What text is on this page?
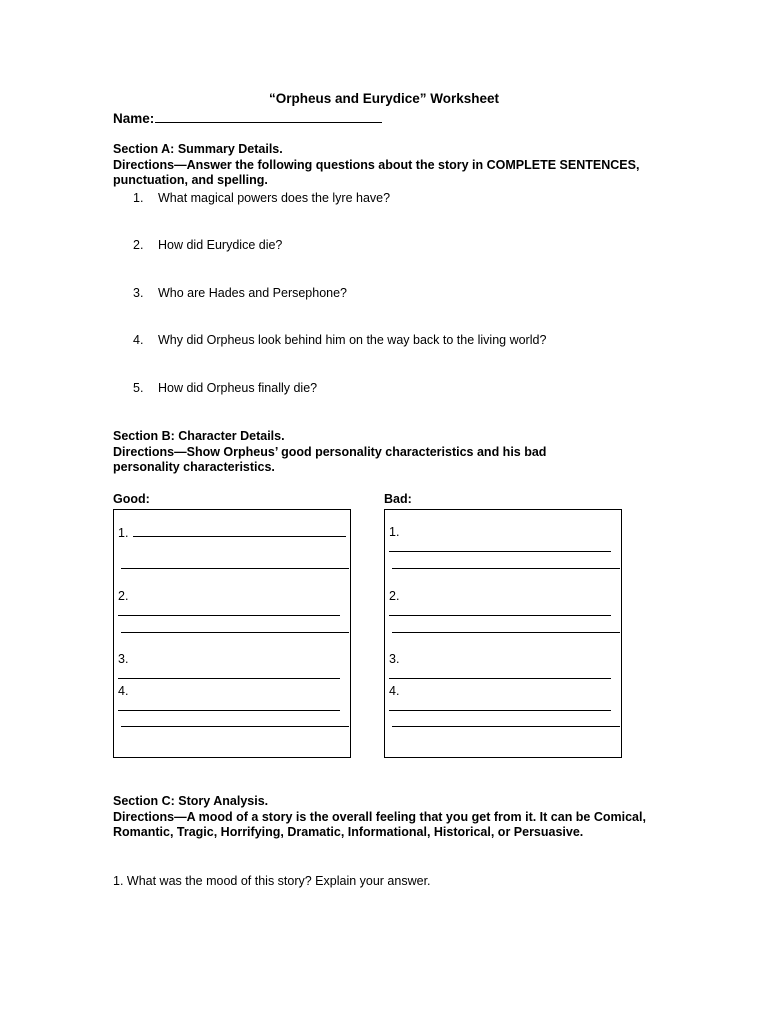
“Orpheus and Eurydice” Worksheet
Name:
Section A: Summary Details.
Directions—Answer the following questions about the story in COMPLETE SENTENCES, punctuation, and spelling.
1. What magical powers does the lyre have?
2. How did Eurydice die?
3. Who are Hades and Persephone?
4. Why did Orpheus look behind him on the way back to the living world?
5. How did Orpheus finally die?
Section B: Character Details.
Directions—Show Orpheus’ good personality characteristics and his bad personality characteristics.
Good:	Bad:
1.
2.
3.
4.
1.
2.
3.
4.
Section C: Story Analysis.
Directions—A mood of a story is the overall feeling that you get from it. It can be Comical, Romantic, Tragic, Horrifying, Dramatic, Informational, Historical, or Persuasive.
1. What was the mood of this story? Explain your answer.
